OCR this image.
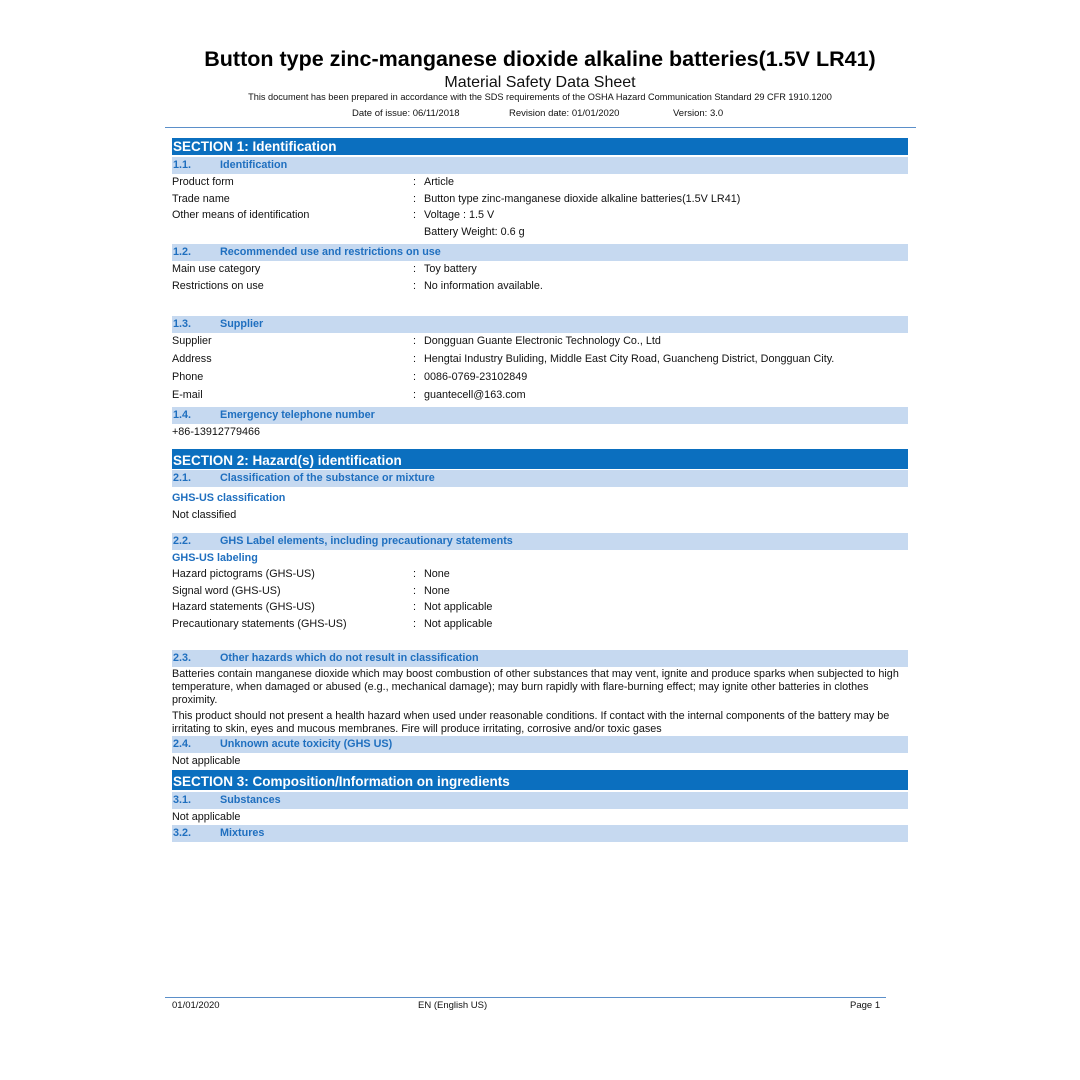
Button type zinc-manganese dioxide alkaline batteries(1.5V LR41)
Material Safety Data Sheet
This document has been prepared in accordance with the SDS requirements of the OSHA Hazard Communication Standard 29 CFR 1910.1200
Date of issue: 06/11/2018	Revision date: 01/01/2020	Version: 3.0
SECTION 1: Identification
1.1.	Identification
Product form	: Article
Trade name	: Button type zinc-manganese dioxide alkaline batteries(1.5V LR41)
Other means of identification	: Voltage : 1.5 V
Battery Weight: 0.6 g
1.2.	Recommended use and restrictions on use
Main use category	: Toy battery
Restrictions on use	: No information available.
1.3.	Supplier
Supplier	: Dongguan Guante Electronic Technology Co., Ltd
Address	: Hengtai Industry Buliding, Middle East City Road, Guancheng District, Dongguan City.
Phone	: 0086-0769-23102849
E-mail	: guantecell@163.com
1.4.	Emergency telephone number
+86-13912779466
SECTION 2: Hazard(s) identification
2.1.	Classification of the substance or mixture
GHS-US classification
Not classified
2.2.	GHS Label elements, including precautionary statements
GHS-US labeling
Hazard pictograms (GHS-US)	: None
Signal word (GHS-US)	: None
Hazard statements (GHS-US)	: Not applicable
Precautionary statements (GHS-US)	: Not applicable
2.3.	Other hazards which do not result in classification
Batteries contain manganese dioxide which may boost combustion of other substances that may vent, ignite and produce sparks when subjected to high
temperature, when damaged or abused (e.g., mechanical damage); may burn rapidly with flare-burning effect; may ignite other batteries in clothes
proximity.
This product should not present a health hazard when used under reasonable conditions. If contact with the internal components of the battery may be
irritating to skin, eyes and mucous membranes. Fire will produce irritating, corrosive and/or toxic gases
2.4.	Unknown acute toxicity (GHS US)
Not applicable
SECTION 3: Composition/Information on ingredients
3.1.	Substances
Not applicable
3.2.	Mixtures
01/01/2020	EN (English US)	Page 1
